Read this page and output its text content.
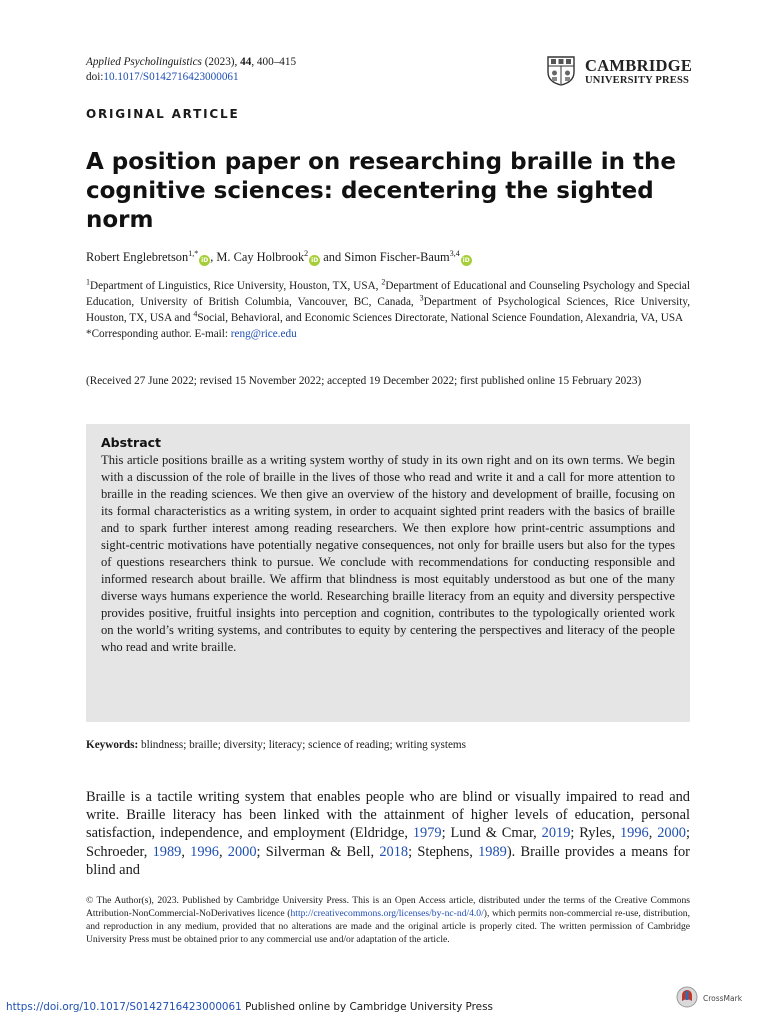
Applied Psycholinguistics (2023), 44, 400–415
doi:10.1017/S0142716423000061
CAMBRIDGE
UNIVERSITY PRESS
ORIGINAL ARTICLE
A position paper on researching braille in the cognitive sciences: decentering the sighted norm
Robert Englebretson$^{1,*}$iD , M. Cay Holbrook$^2$iD and Simon Fischer-Baum$^{3,4}$iD
$^1$Department of Linguistics, Rice University, Houston, TX, USA, $^2$Department of Educational and Counseling Psychology and Special Education, University of British Columbia, Vancouver, BC, Canada, $^3$Department of Psychological Sciences, Rice University, Houston, TX, USA and $^4$Social, Behavioral, and Economic Sciences Directorate, National Science Foundation, Alexandria, VA, USA
*Corresponding author. E-mail: reng@rice.edu
(Received 27 June 2022; revised 15 November 2022; accepted 19 December 2022; first published online 15 February 2023)
Abstract
This article positions braille as a writing system worthy of study in its own right and on its own terms. We begin with a discussion of the role of braille in the lives of those who read and write it and a call for more attention to braille in the reading sciences. We then give an overview of the history and development of braille, focusing on its formal characteristics as a writing system, in order to acquaint sighted print readers with the basics of braille and to spark further interest among reading researchers. We then explore how print-centric assumptions and sight-centric motivations have potentially negative consequences, not only for braille users but also for the types of questions researchers think to pursue. We conclude with recommendations for conducting responsible and informed research about braille. We affirm that blindness is most equitably understood as but one of the many diverse ways humans experience the world. Researching braille literacy from an equity and diversity perspective provides positive, fruitful insights into perception and cognition, contributes to the typologically oriented work on the world’s writing systems, and contributes to equity by centering the perspectives and literacy of the people who read and write braille.
Keywords: blindness; braille; diversity; literacy; science of reading; writing systems
Braille is a tactile writing system that enables people who are blind or visually impaired to read and write. Braille literacy has been linked with the attainment of higher levels of education, personal satisfaction, independence, and employment (Eldridge, 1979; Lund & Cmar, 2019; Ryles, 1996, 2000; Schroeder, 1989, 1996, 2000; Silverman & Bell, 2018; Stephens, 1989). Braille provides a means for blind and
© The Author(s), 2023. Published by Cambridge University Press. This is an Open Access article, distributed under the terms of the Creative Commons Attribution-NonCommercial-NoDerivatives licence (http://creativecommons.org/licenses/by-nc-nd/4.0/), which permits non-commercial re-use, distribution, and reproduction in any medium, provided that no alterations are made and the original article is properly cited. The written permission of Cambridge University Press must be obtained prior to any commercial use and/or adaptation of the article.
https://doi.org/10.1017/S0142716423000061 Published online by Cambridge University Press
CrossMark
